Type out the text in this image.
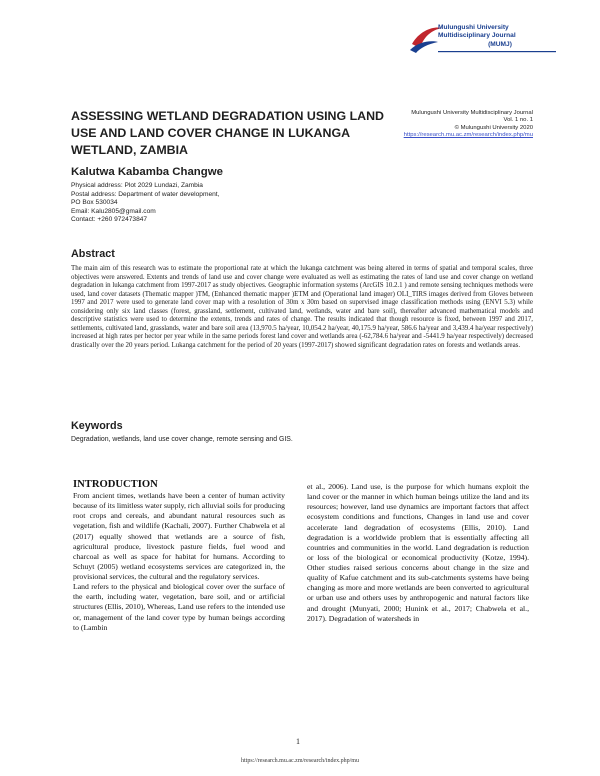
Mulungushi University
Multidisciplinary Journal
(MUMJ)
ASSESSING WETLAND DEGRADATION USING LAND
USE AND LAND COVER CHANGE IN LUKANGA
WETLAND, ZAMBIA
Mulungushi University Multidisciplinary Journal
Vol. 1 no. 1
© Mulungushi University 2020
https://research.mu.ac.zm/research/index.php/mu
Kalutwa Kabamba Changwe
Physical address: Plot 2029 Lundazi, Zambia
Postal address: Department of water development,
PO Box 530034
Email: Kalu2805@gmail.com
Contact: +260 972473847
Abstract
The main aim of this research was to estimate the proportional rate at which the lukanga catchment was being altered in terms of spatial and temporal scales, three objectives were answered. Extents and trends of land use and cover change were evaluated as well as estimating the rates of land use and cover change on wetland degradation in lukanga catchment from 1997-2017 as study objectives. Geographic information systems (ArcGIS 10.2.1 ) and remote sensing techniques methods were used, land cover datasets (Thematic mapper )TM, (Enhanced thematic mapper )ETM and (Operational land imager) OLI_TIRS images derived from Gloves between 1997 and 2017 were used to generate land cover map with a resolution of 30m x 30m based on supervised image classification methods using (ENVI 5.3) while considering only six land classes (forest, grassland, settlement, cultivated land, wetlands, water and bare soil), thereafter advanced mathematical models and descriptive statistics were used to determine the extents, trends and rates of change. The results indicated that though resource is fixed, between 1997 and 2017, settlements, cultivated land, grasslands, water and bare soil area (13,970.5 ha/year, 10,054.2 ha/year, 40,175.9 ha/year, 586.6 ha/year and 3,439.4 ha/year respectively) increased at high rates per hector per year while in the same periods forest land cover and wetlands area (-62,784.6 ha/year and -5441.9 ha/year respectively) decreased drastically over the 20 years period. Lukanga catchment for the period of 20 years (1997-2017) showed significant degradation rates on forests and wetlands areas.
Keywords
Degradation, wetlands, land use cover change, remote sensing and GIS.
INTRODUCTION
From ancient times, wetlands have been a center of human activity because of its limitless water supply, rich alluvial soils for producing root crops and cereals, and abundant natural resources such as vegetation, fish and wildlife (Kachali, 2007). Further Chabwela et al (2017) equally showed that wetlands are a source of fish, agricultural produce, livestock pasture fields, fuel wood and charcoal as well as space for habitat for humans. According to Schuyt (2005) wetland ecosystems services are categorized in, the provisional services, the cultural and the regulatory services.
Land refers to the physical and biological cover over the surface of the earth, including water, vegetation, bare soil, and or artificial structures (Ellis, 2010), Whereas, Land use refers to the intended use or, management of the land cover type by human beings according to (Lambin
et al., 2006). Land use, is the purpose for which humans exploit the land cover or the manner in which human beings utilize the land and its resources; however, land use dynamics are important factors that affect ecosystem conditions and functions, Changes in land use and cover accelerate land degradation of ecosystems (Ellis, 2010). Land degradation is a worldwide problem that is essentially affecting all countries and communities in the world. Land degradation is reduction or loss of the biological or economical productivity (Kotze, 1994). Other studies raised serious concerns about change in the size and quality of Kafue catchment and its sub-catchments systems have being changing as more and more wetlands are been converted to agricultural or urban use and others uses by anthropogenic and natural factors like and drought (Munyati, 2000; Hunink et al., 2017; Chabwela et al., 2017). Degradation of watersheds in
1
https://research.mu.ac.zm/research/index.php/mu
